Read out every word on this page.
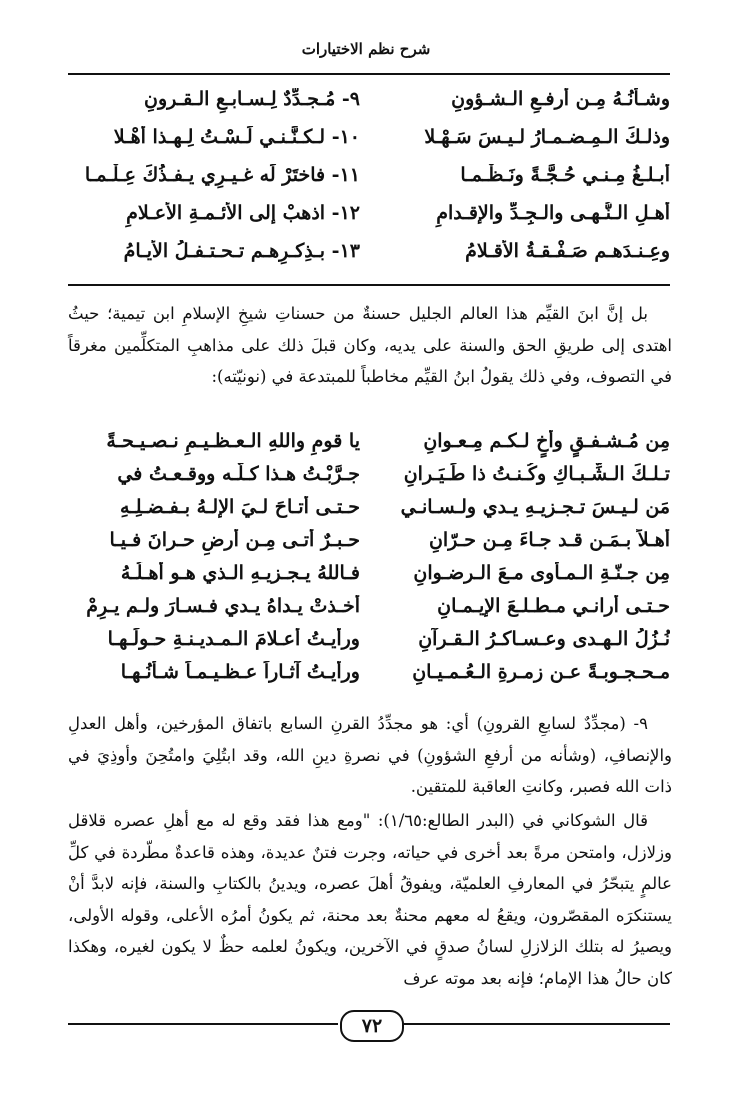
شرح نظم الاختيارات
٩- مُـجـدِّدٌ لِـسـابـعِ الـقـرونِ	وشـأنُـهُ مِـن أرفـعِ الـشـؤونِ
١٠- لـكـنَّـنـي لَـسْـتُ لِـهـذا أهْـلا	وذلـكَ الـمِـضـمـارُ لـيـسَ سَـهْـلا
١١- فاختَرْ لَه غـيـرِي يـفـذُكَ عِـلْـمـا	أبـلـغُ مِـنـي حُـجَّـةً ونَـظْـمـا
١٢- اذهبْ إلى الأئـمـةِ الأعـلامِ	أهـلِ الـنُّـهـى والـجِـدِّ والإقـدامِ
١٣- بـذِكـرِهـم تـحـتـفـلُ الأيـامُ	وعِـنـدَهـم صَـفْـقـةُ الأقـلامُ

بل إنَّ ابنَ القيِّم هذا العالم الجليل حسنةٌ من حسناتِ شيخِ الإسلامِ ابن تيمية؛ حيثُ اهتدى إلى طريقِ الحق والسنة على يديه، وكان قبلَ ذلك على مذاهبِ المتكلِّمين مغرقاً في التصوف، وفي ذلك يقولُ ابنُ القيِّم مخاطباً للمبتدعة في (نونيّته):

يا قومِ واللهِ الـعـظـيـمِ نـصـيـحـةً	مِن مُـشـفـقٍ وأخٍ لـكـم مِـعـوانِ
جـرَّبْـتُ هـذا كـلَّـه ووقـعـتُ في	تـلـكَ الـشِّـبـاكِ وكُـنـتُ ذا طَـيَـرانِ
حـتـى أتـاحَ لـيَ الإلـهُ بـفـضـلِـهِ	مَن لـيـسَ تـجـزيـهِ يـدي ولـسـانـي
حـبـرٌ أتـى مِـن أرضِ حـرانَ فـيـا	أهـلاً بـمَـن قـد جـاءَ مِـن حـرّانِ
فـاللهُ يـجـزيـهِ الـذي هـو أهـلُـهُ	مِن جـنّـةِ الـمـأوى مـعَ الـرضـوانِ
أخـذتْ يـداهُ يـدي فـسـارَ ولـم يـرِمْ	حـتـى أرانـي مـطـلـعَ الإيـمـانِ
ورأيـتُ أعـلامَ الـمـديـنـةِ حـولَـهـا	نُـزُلُ الـهـدى وعـسـاكـرُ الـقـرآنِ
ورأيـتُ آثـاراً عـظـيـمـاً شـأنُـهـا	مـحـجـوبـةً عـن زمـرةِ الـعُـمـيـانِ

٩- (مجدِّدٌ لسابعِ القرونِ) أي: هو مجدِّدُ القرنِ السابع باتفاق المؤرخين، وأهل العدلِ والإنصافِ، (وشأنه من أرفعِ الشؤونِ) في نصرةِ دينِ الله، وقد ابتُلِيَ وامتُحِنَ وأوذِيَ في ذات الله فصبر، وكانتِ العاقبة للمتقين.

قال الشوكاني في (البدر الطالع:١/٦٥): "ومع هذا فقد وقع له مع أهلِ عصره قلاقل وزلازل، وامتحن مرةً بعد أخرى في حياته، وجرت فتنٌ عديدة، وهذه قاعدةٌ مطّردة في كلِّ عالمٍ يتبحّرُ في المعارفِ العلميّة، ويفوقُ أهلَ عصره، ويدينُ بالكتابِ والسنة، فإنه لابدَّ أنْ يستنكرَه المقصّرون، ويقعُ له معهم محنةٌ بعد محنة، ثم يكونُ أمرُه الأعلى، وقوله الأولى، ويصيرُ له بتلك الزلازلِ لسانُ صدقٍ في الآخرين، ويكونُ لعلمه حظٌ لا يكون لغيره، وهكذا كان حالُ هذا الإمام؛ فإنه بعد موته عرف

٧٢
